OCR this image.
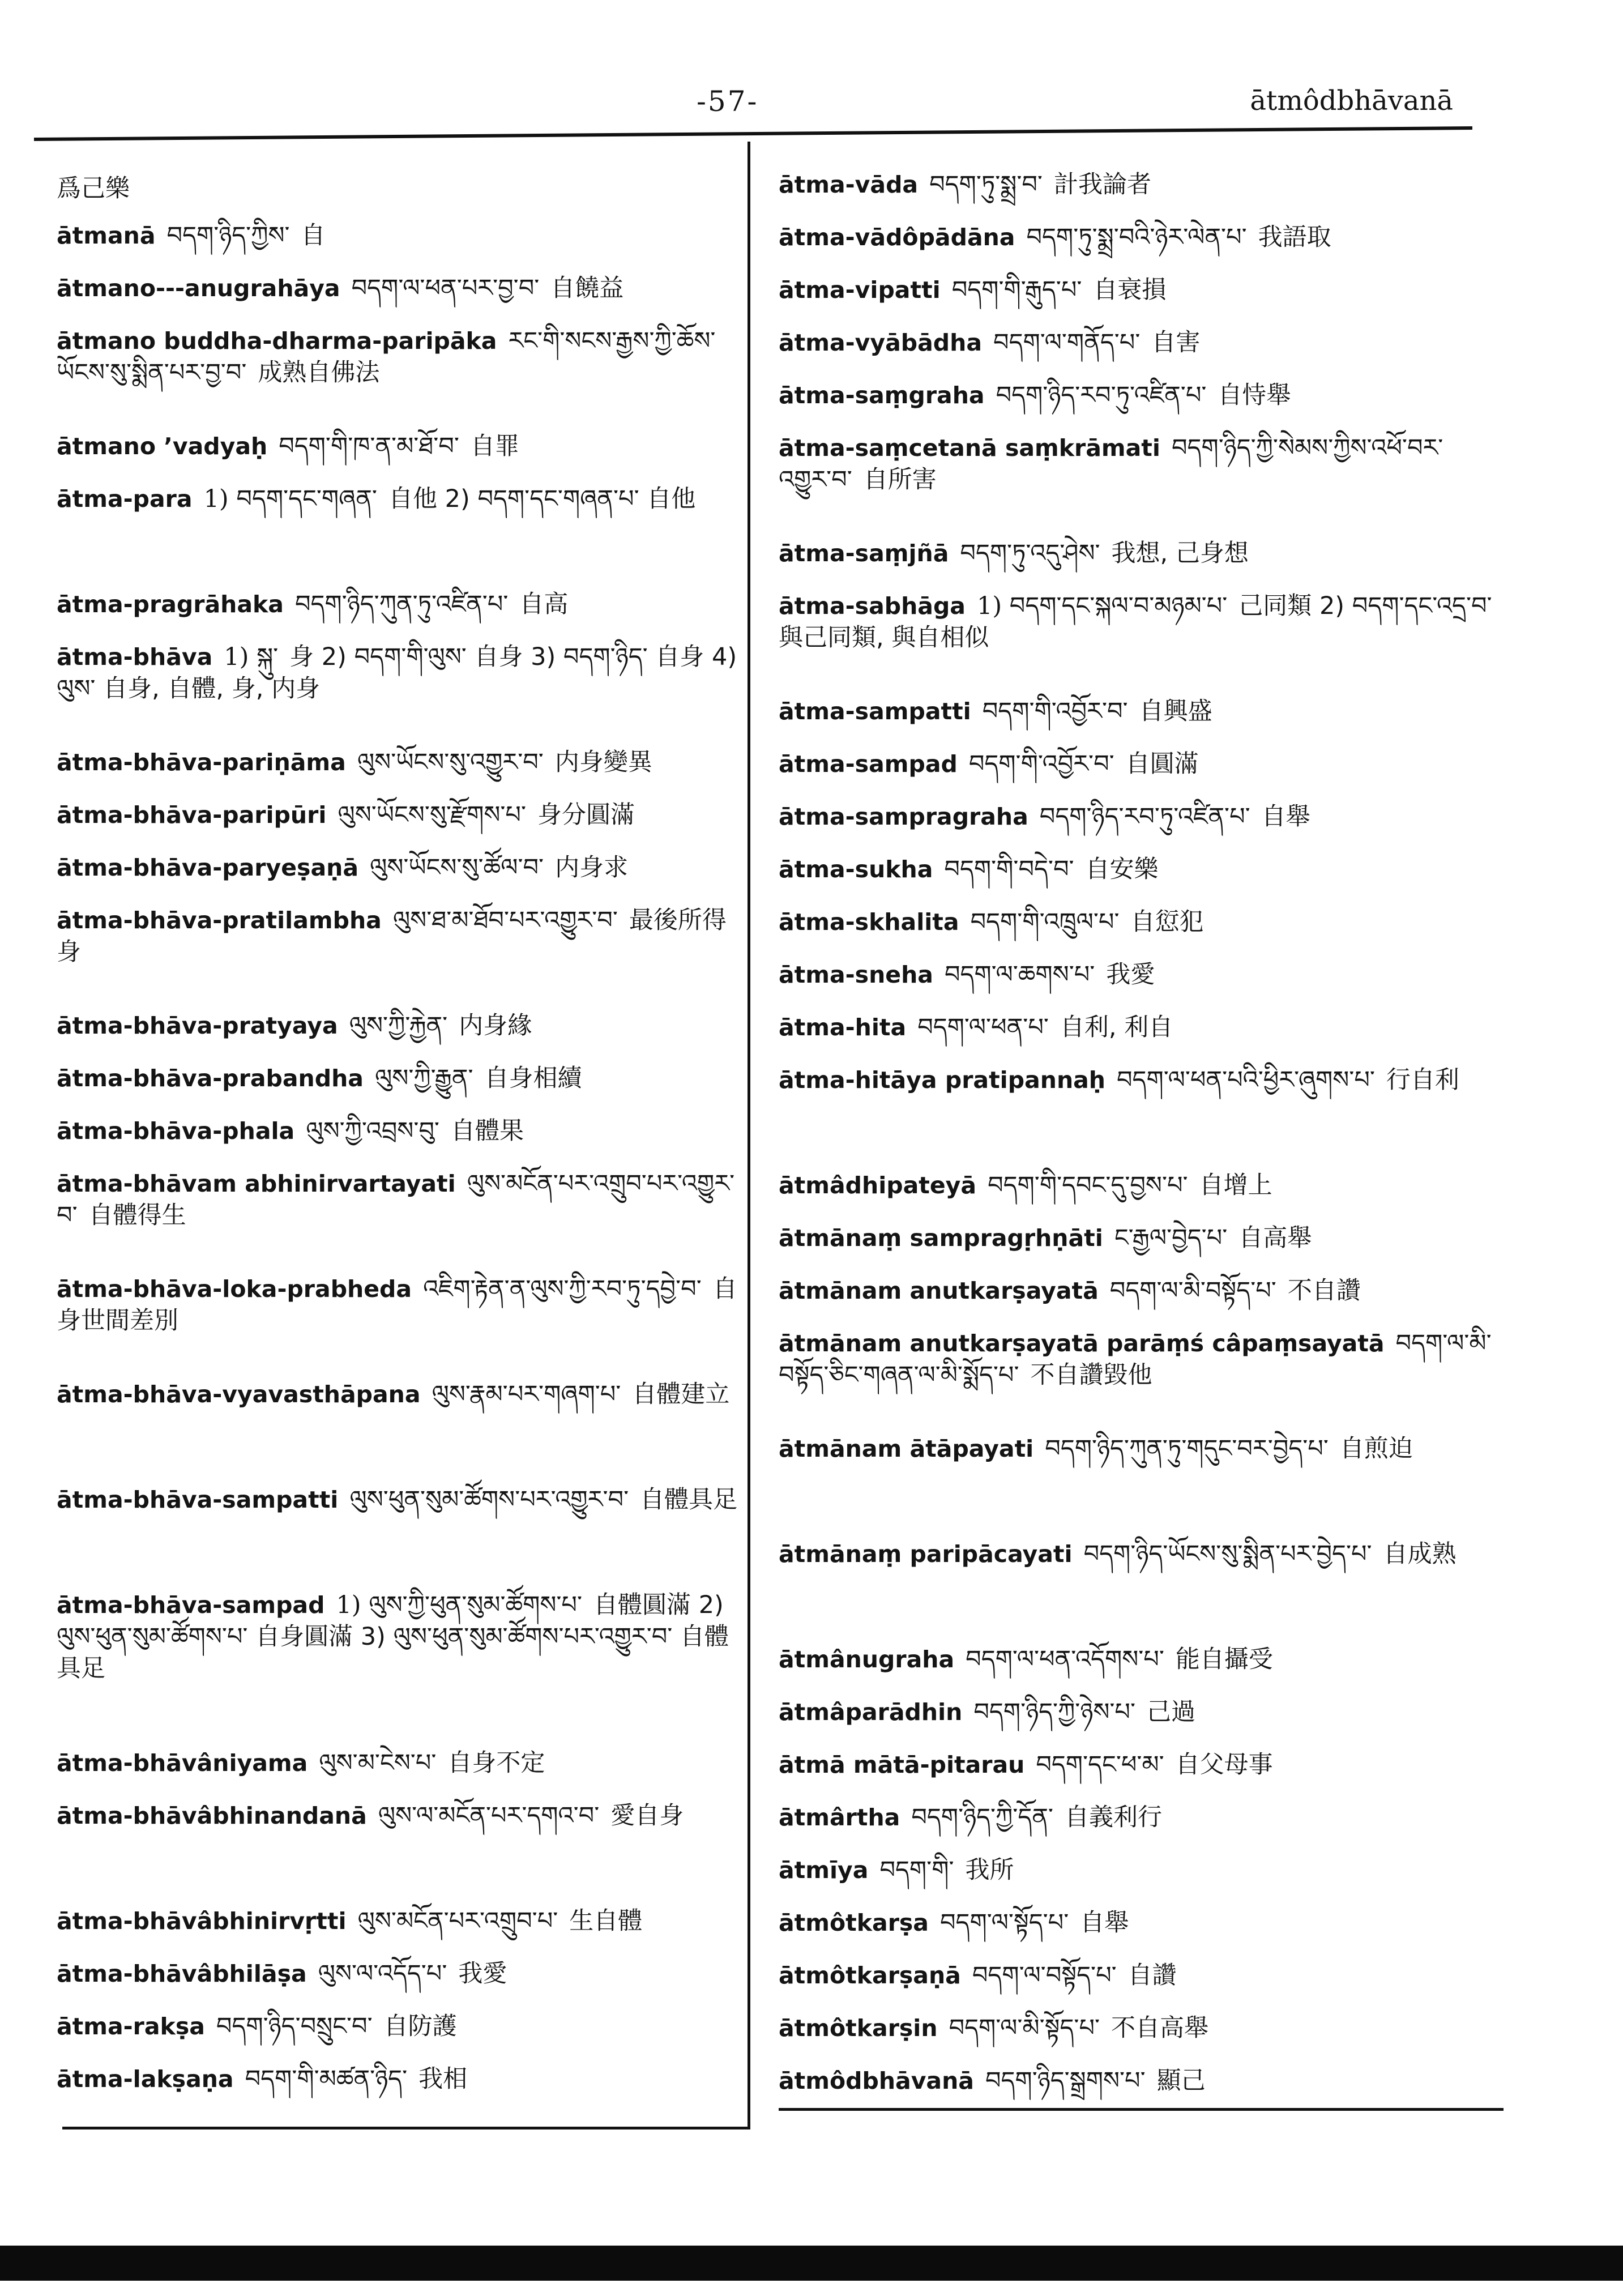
-57-	ātmôdbhāvanā
爲己樂
ātmanā བདག་ཉིད་ཀྱིས་ 自
ātmano---anugrahāya བདག་ལ་ཕན་པར་བྱ་བ་ 自饒益
ātmano buddha-dharma-paripāka རང་གི་སངས་རྒྱས་ཀྱི་ཆོས་ཡོངས་སུ་སྨིན་པར་བྱ་བ་ 成熟自佛法
ātmano ’vadyaḥ བདག་གི་ཁ་ན་མ་ཐོ་བ་ 自罪
ātma-para 1) བདག་དང་གཞན་ 自他 2) བདག་དང་གཞན་པ་ 自他
ātma-pragrāhaka བདག་ཉིད་ཀུན་ཏུ་འཛིན་པ་ 自高
ātma-bhāva 1) སྐུ་ 身 2) བདག་གི་ལུས་ 自身 3) བདག་ཉིད་ 自身 4) ལུས་ 自身, 自體, 身, 内身
ātma-bhāva-pariṇāma ལུས་ཡོངས་སུ་འགྱུར་བ་ 内身變異
ātma-bhāva-paripūri ལུས་ཡོངས་སུ་རྫོགས་པ་ 身分圓滿
ātma-bhāva-paryeṣaṇā ལུས་ཡོངས་སུ་ཚོལ་བ་ 内身求
ātma-bhāva-pratilambha ལུས་ཐ་མ་ཐོབ་པར་འགྱུར་བ་ 最後所得身
ātma-bhāva-pratyaya ལུས་ཀྱི་རྐྱེན་ 内身緣
ātma-bhāva-prabandha ལུས་ཀྱི་རྒྱུན་ 自身相續
ātma-bhāva-phala ལུས་ཀྱི་འབྲས་བུ་ 自體果
ātma-bhāvam abhinirvartayati ལུས་མངོན་པར་འགྲུབ་པར་འགྱུར་བ་ 自體得生
ātma-bhāva-loka-prabheda འཇིག་རྟེན་ན་ལུས་ཀྱི་རབ་ཏུ་དབྱེ་བ་ 自身世間差別
ātma-bhāva-vyavasthāpana ལུས་རྣམ་པར་གཞག་པ་ 自體建立
ātma-bhāva-sampatti ལུས་ཕུན་སུམ་ཚོགས་པར་འགྱུར་བ་ 自體具足
ātma-bhāva-sampad 1) ལུས་ཀྱི་ཕུན་སུམ་ཚོགས་པ་ 自體圓滿 2) ལུས་ཕུན་སུམ་ཚོགས་པ་ 自身圓滿 3) ལུས་ཕུན་སུམ་ཚོགས་པར་འགྱུར་བ་ 自體具足
ātma-bhāvâniyama ལུས་མ་ངེས་པ་ 自身不定
ātma-bhāvâbhinandanā ལུས་ལ་མངོན་པར་དགའ་བ་ 愛自身
ātma-bhāvâbhinirvṛtti ལུས་མངོན་པར་འགྲུབ་པ་ 生自體
ātma-bhāvâbhilāṣa ལུས་ལ་འདོད་པ་ 我愛
ātma-rakṣa བདག་ཉིད་བསྲུང་བ་ 自防護
ātma-lakṣaṇa བདག་གི་མཚན་ཉིད་ 我相
ātma-vāda བདག་ཏུ་སྨྲ་བ་ 計我論者
ātma-vādôpādāna བདག་ཏུ་སྨྲ་བའི་ཉེར་ལེན་པ་ 我語取
ātma-vipatti བདག་གི་རྒུད་པ་ 自衰損
ātma-vyābādha བདག་ལ་གནོད་པ་ 自害
ātma-saṃgraha བདག་ཉིད་རབ་ཏུ་འཛིན་པ་ 自恃舉
ātma-saṃcetanā saṃkrāmati བདག་ཉིད་ཀྱི་སེམས་ཀྱིས་འཕོ་བར་འགྱུར་བ་ 自所害
ātma-saṃjñā བདག་ཏུ་འདུ་ཤེས་ 我想, 己身想
ātma-sabhāga 1) བདག་དང་སྐལ་བ་མཉམ་པ་ 己同類 2) བདག་དང་འདྲ་བ་ 與己同類, 與自相似
ātma-sampatti བདག་གི་འབྱོར་བ་ 自興盛
ātma-sampad བདག་གི་འབྱོར་བ་ 自圓滿
ātma-sampragraha བདག་ཉིད་རབ་ཏུ་འཛིན་པ་ 自舉
ātma-sukha བདག་གི་བདེ་བ་ 自安樂
ātma-skhalita བདག་གི་འཁྲུལ་པ་ 自愆犯
ātma-sneha བདག་ལ་ཆགས་པ་ 我愛
ātma-hita བདག་ལ་ཕན་པ་ 自利, 利自
ātma-hitāya pratipannaḥ བདག་ལ་ཕན་པའི་ཕྱིར་ཞུགས་པ་ 行自利
ātmâdhipateyā བདག་གི་དབང་དུ་བྱས་པ་ 自增上
ātmānaṃ sampragṛhṇāti ང་རྒྱལ་བྱེད་པ་ 自高舉
ātmānam anutkarṣayatā བདག་ལ་མི་བསྟོད་པ་ 不自讚
ātmānam anutkarṣayatā parāṃś câpaṃsayatā བདག་ལ་མི་བསྟོད་ཅིང་གཞན་ལ་མི་སྨོད་པ་ 不自讚毀他
ātmānam ātāpayati བདག་ཉིད་ཀུན་ཏུ་གདུང་བར་བྱེད་པ་ 自煎迫
ātmānaṃ paripācayati བདག་ཉིད་ཡོངས་སུ་སྨིན་པར་བྱེད་པ་ 自成熟
ātmânugraha བདག་ལ་ཕན་འདོགས་པ་ 能自攝受
ātmâparādhin བདག་ཉིད་ཀྱི་ཉེས་པ་ 己過
ātmā mātā-pitarau བདག་དང་ཕ་མ་ 自父母事
ātmârtha བདག་ཉིད་ཀྱི་དོན་ 自義利行
ātmīya བདག་གི་ 我所
ātmôtkarṣa བདག་ལ་སྟོད་པ་ 自舉
ātmôtkarṣaṇā བདག་ལ་བསྟོད་པ་ 自讚
ātmôtkarṣin བདག་ལ་མི་སྟོད་པ་ 不自高舉
ātmôdbhāvanā བདག་ཉིད་སྒྲགས་པ་ 顯己
